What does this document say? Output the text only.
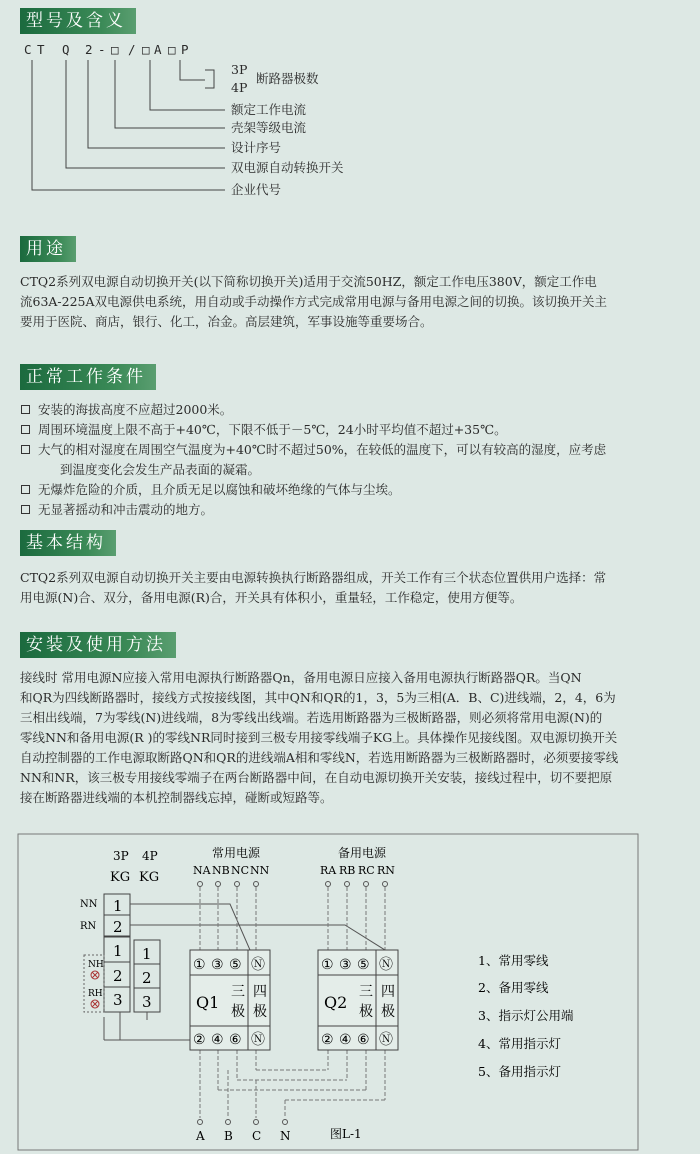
型号及含义
C T Q 2 - □ / □ A □ P
3P
4P
断路器极数
额定工作电流
壳架等级电流
设计序号
双电源自动转换开关
企业代号
用途

CTQ2系列双电源自动切换开关(以下简称切换开关)适用于交流50HZ，额定工作电压380V，额定工作电

流63A-225A双电源供电系统，用自动或手动操作方式完成常用电源与备用电源之间的切换。该切换开关主

要用于医院、商店，银行、化工，冶金。高层建筑，军事设施等重要场合。

正常工作条件
安装的海拔高度不应超过2000米。
周围环境温度上限不高于+40℃，下限不低于－5℃，24小时平均值不超过+35℃。
大气的相对湿度在周围空气温度为+40℃时不超过50%，在较低的温度下，可以有较高的湿度，应考虑
到温度变化会发生产品表面的凝霜。
无爆炸危险的介质，且介质无足以腐蚀和破坏绝缘的气体与尘埃。
无显著摇动和冲击震动的地方。
基本结构

CTQ2系列双电源自动切换开关主要由电源转换执行断路器组成，开关工作有三个状态位置供用户选择：常

用电源(N)合、双分，备用电源(R)合，开关具有体积小，重量轻，工作稳定，使用方便等。

安装及使用方法

接线时 常用电源N应接入常用电源执行断路器Qn，备用电源日应接入备用电源执行断路器QR。当QN

和QR为四线断路器时，接线方式按接线图，其中QN和QR的1，3，5为三相(A．B、C)进线端，2，4，6为

三相出线端，7为零线(N)进线端，8为零线出线端。若选用断路器为三极断路器，则必须将常用电源(N)的

零线NN和备用电源(R )的零线NR同时接到三极专用接零线端子KG上。具体操作见接线图。双电源切换开关

自动控制器的工作电源取断路QN和QR的进线端A相和零线N，若选用断路器为三极断路器时，必须要接零线

NN和NR，该三极专用接线零端子在两台断路器中间，在自动电源切换开关安装，接线过程中，切不要把原

接在断路器进线端的本机控制器线忘掉，碰断或短路等。

常用电源	备用电源
NA NB NC NN	RA RB RC RN
3P 4P
KG KG
1
2
1
2
3
1
2
3
NN
RN
NH
RH
① ③ ⑤ Ⓝ
Q1
三
极
四
极
② ④ ⑥ Ⓝ
① ③ ⑤ Ⓝ
Q2
三
极
四
极
② ④ ⑥ Ⓝ
A B C N	图L-1
1、常用零线
2、备用零线
3、指示灯公用端
4、常用指示灯
5、备用指示灯
